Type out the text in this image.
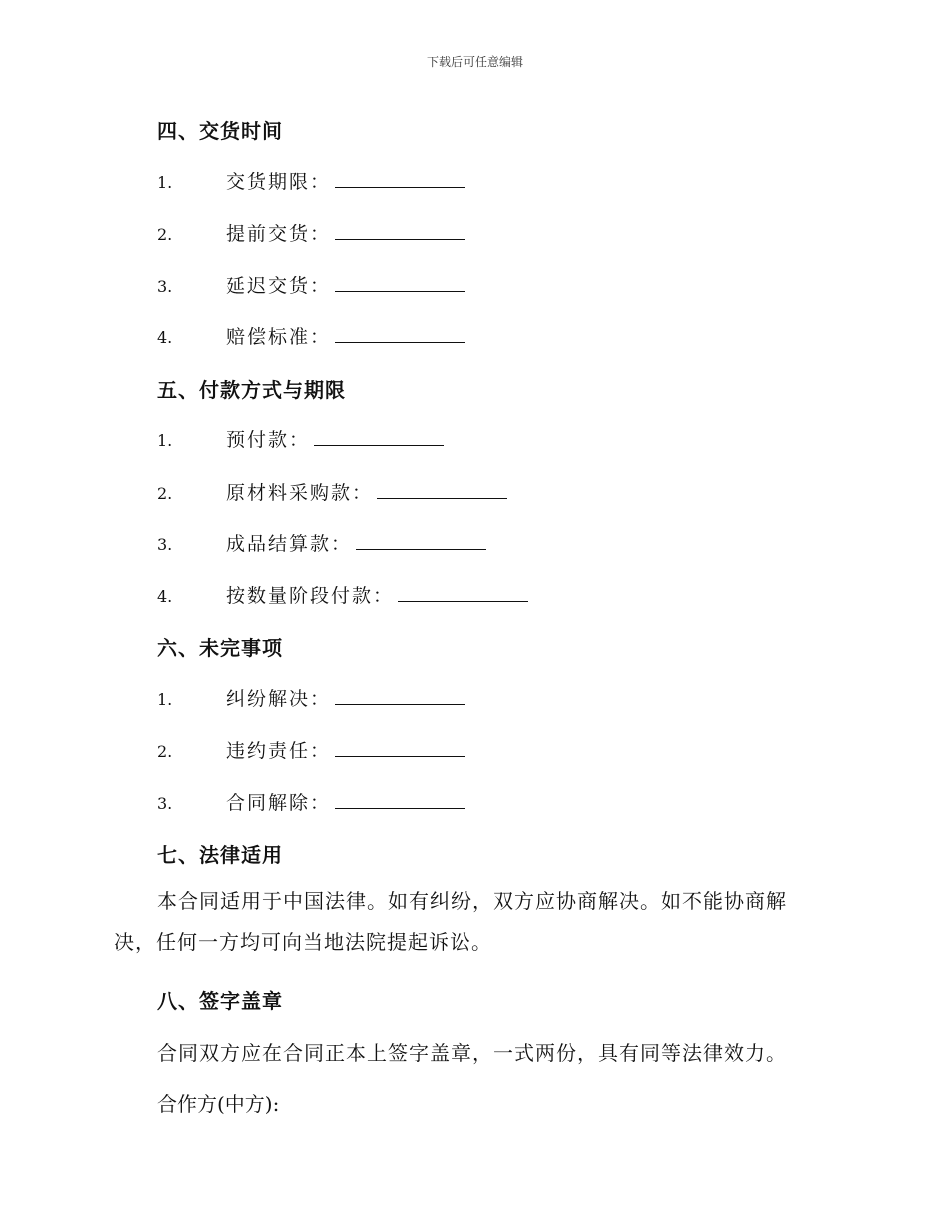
下载后可任意编辑
四、交货时间
1.	交货期限：
2.	提前交货：
3.	延迟交货：
4.	赔偿标准：
五、付款方式与期限
1.	预付款：
2.	原材料采购款：
3.	成品结算款：
4.	按数量阶段付款：
六、未完事项
1.	纠纷解决：
2.	违约责任：
3.	合同解除：
七、法律适用
本合同适用于中国法律。如有纠纷，双方应协商解决。如不能协商解决，任何一方均可向当地法院提起诉讼。
八、签字盖章
合同双方应在合同正本上签字盖章，一式两份，具有同等法律效力。
合作方(中方):
